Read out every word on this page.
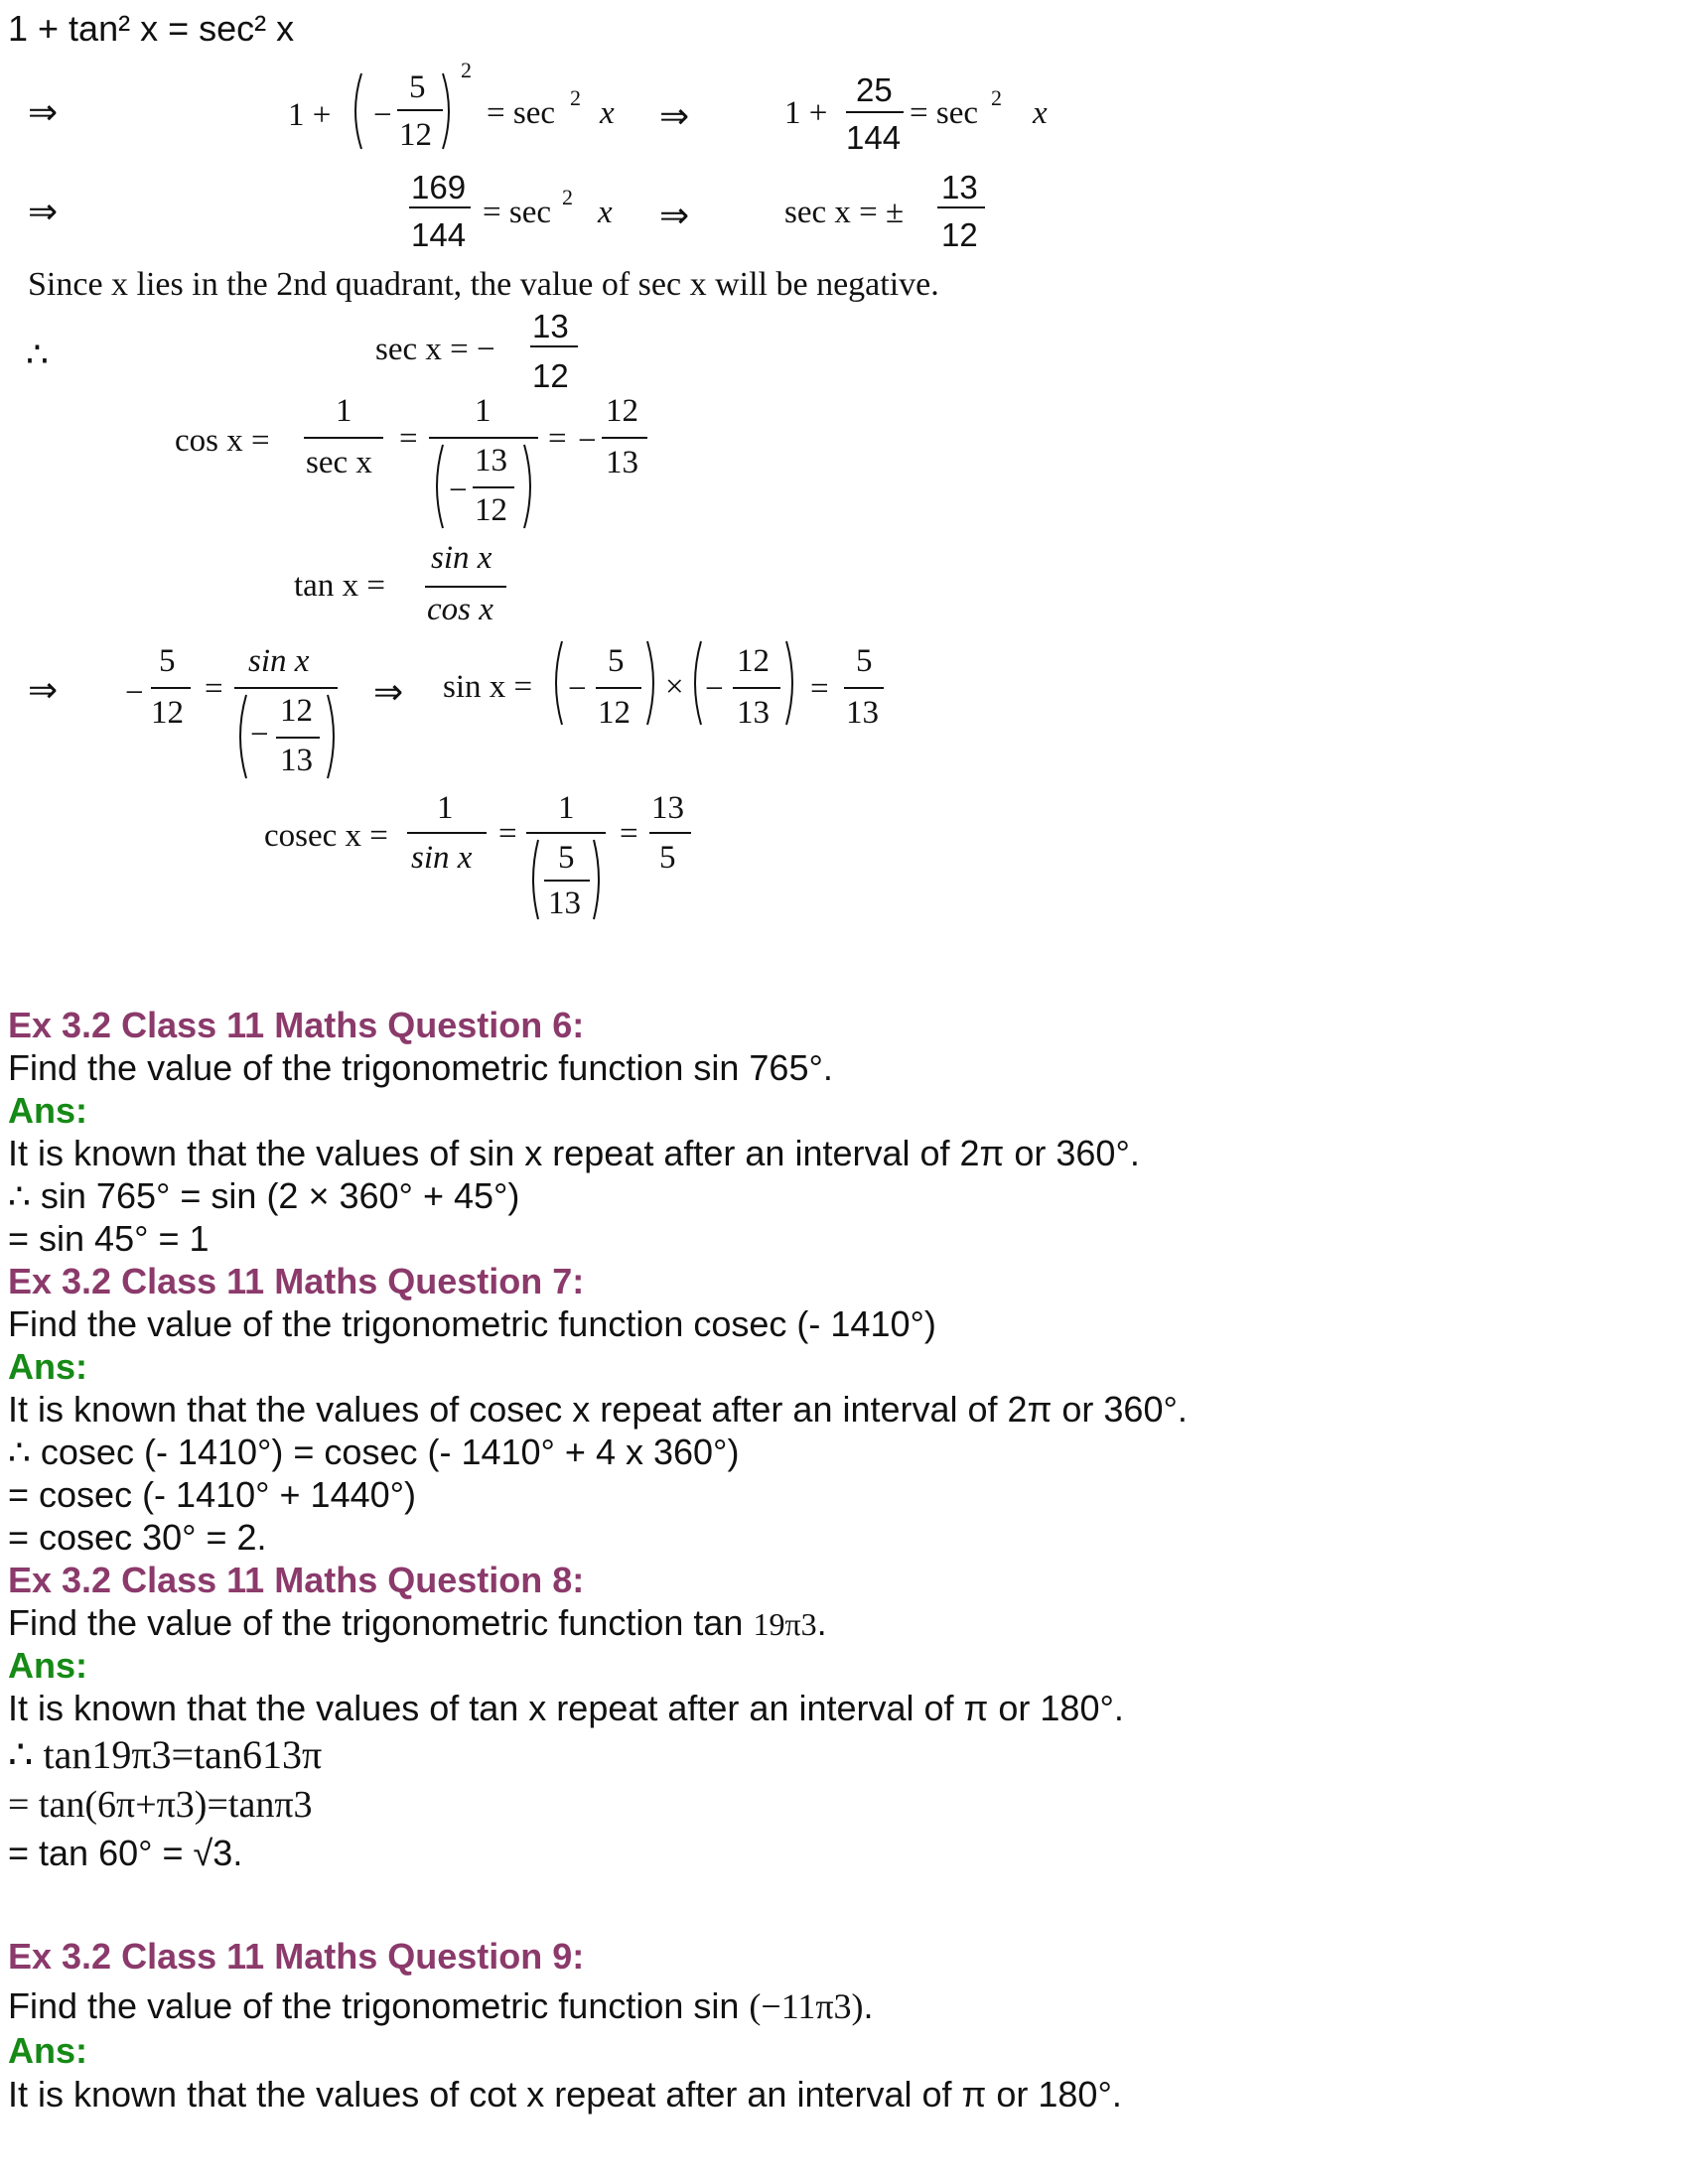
1 + tan² x = sec² x
⇒	1 + −
5
12
2
= sec 2 x ⇒	1 +
25
144
= sec 2 x
⇒
169
144
= sec 2 x ⇒	sec x = ±
13
12
Since x lies in the 2nd quadrant, the value of sec x will be negative.
∴	sec x = −
13
12
cos x =
1
sec x
=
1
−
13
12
= −
12
13
tan x =
sin x
cos x
⇒ −
5
12
=
sin x
−
12
13
⇒ sin x = −
5
12
× −
12
13
=
5
13
cosec x =
1
sin x
=
1
5
13
=
13
5
Ex 3.2 Class 11 Maths Question 6:
Find the value of the trigonometric function sin 765°.
Ans:
It is known that the values of sin x repeat after an interval of 2π or 360°.
∴ sin 765° = sin (2 × 360° + 45°)
= sin 45° = 1
Ex 3.2 Class 11 Maths Question 7:
Find the value of the trigonometric function cosec (- 1410°)
Ans:
It is known that the values of cosec x repeat after an interval of 2π or 360°.
∴ cosec (- 1410°) = cosec (- 1410° + 4 x 360°)
= cosec (- 1410° + 1440°)
= cosec 30° = 2.
Ex 3.2 Class 11 Maths Question 8:
Find the value of the trigonometric function tan 19π3.
Ans:
It is known that the values of tan x repeat after an interval of π or 180°.
∴ tan19π3=tan613π
= tan(6π+π3)=tanπ3
= tan 60° = √3.
Ex 3.2 Class 11 Maths Question 9:
Find the value of the trigonometric function sin (−11π3).
Ans:
It is known that the values of cot x repeat after an interval of π or 180°.
